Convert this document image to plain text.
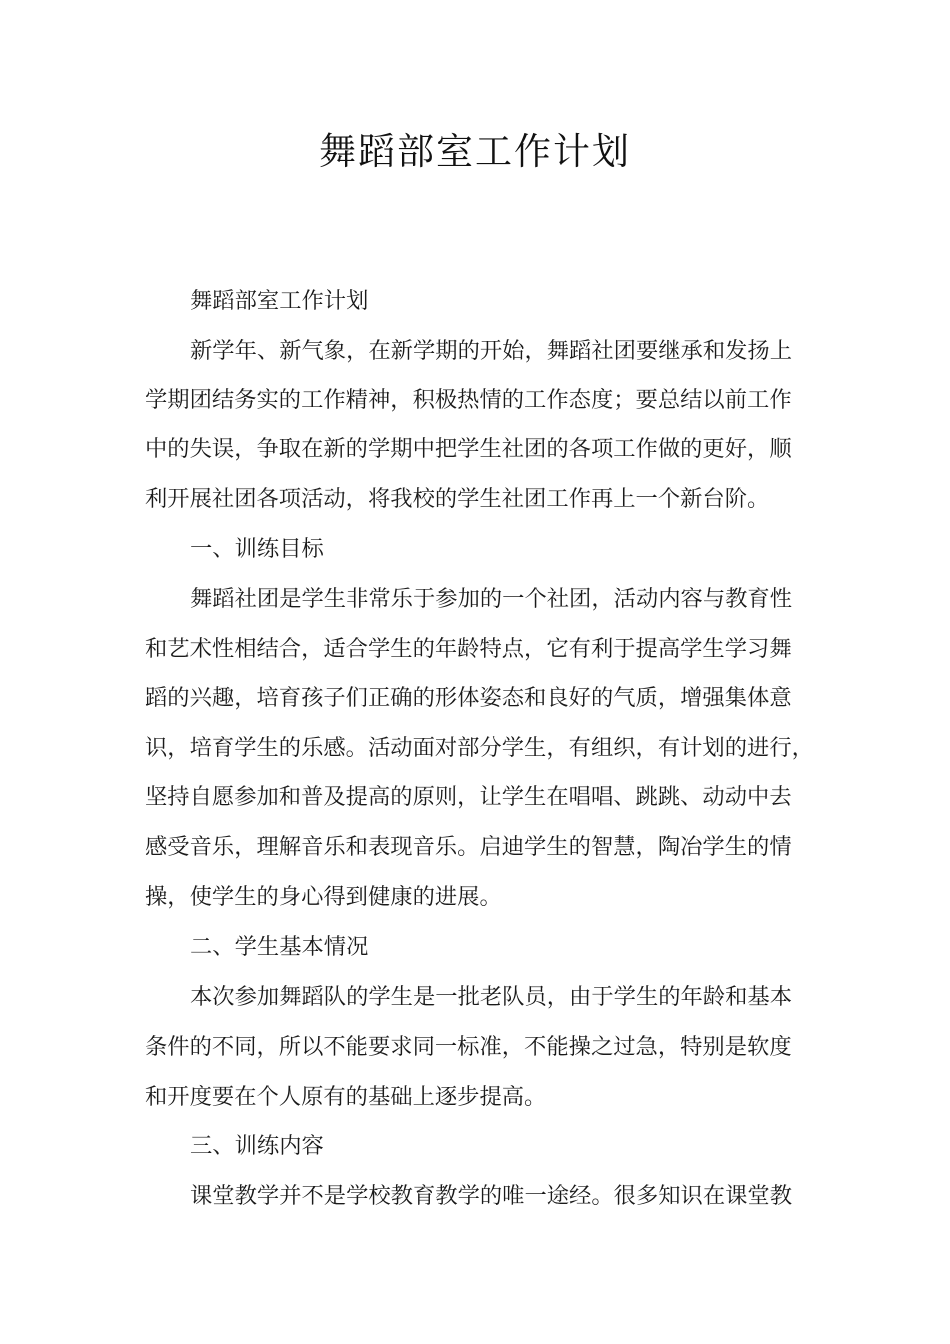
舞蹈部室工作计划
舞蹈部室工作计划
新学年、新气象，在新学期的开始，舞蹈社团要继承和发扬上
学期团结务实的工作精神，积极热情的工作态度；要总结以前工作
中的失误，争取在新的学期中把学生社团的各项工作做的更好，顺
利开展社团各项活动，将我校的学生社团工作再上一个新台阶。
一、训练目标
舞蹈社团是学生非常乐于参加的一个社团，活动内容与教育性
和艺术性相结合，适合学生的年龄特点，它有利于提高学生学习舞
蹈的兴趣，培育孩子们正确的形体姿态和良好的气质，增强集体意
识，培育学生的乐感。活动面对部分学生，有组织，有计划的进行，
坚持自愿参加和普及提高的原则，让学生在唱唱、跳跳、动动中去
感受音乐，理解音乐和表现音乐。启迪学生的智慧，陶冶学生的情
操，使学生的身心得到健康的进展。
二、学生基本情况
本次参加舞蹈队的学生是一批老队员，由于学生的年龄和基本
条件的不同，所以不能要求同一标准，不能操之过急，特别是软度
和开度要在个人原有的基础上逐步提高。
三、训练内容
课堂教学并不是学校教育教学的唯一途经。很多知识在课堂教
